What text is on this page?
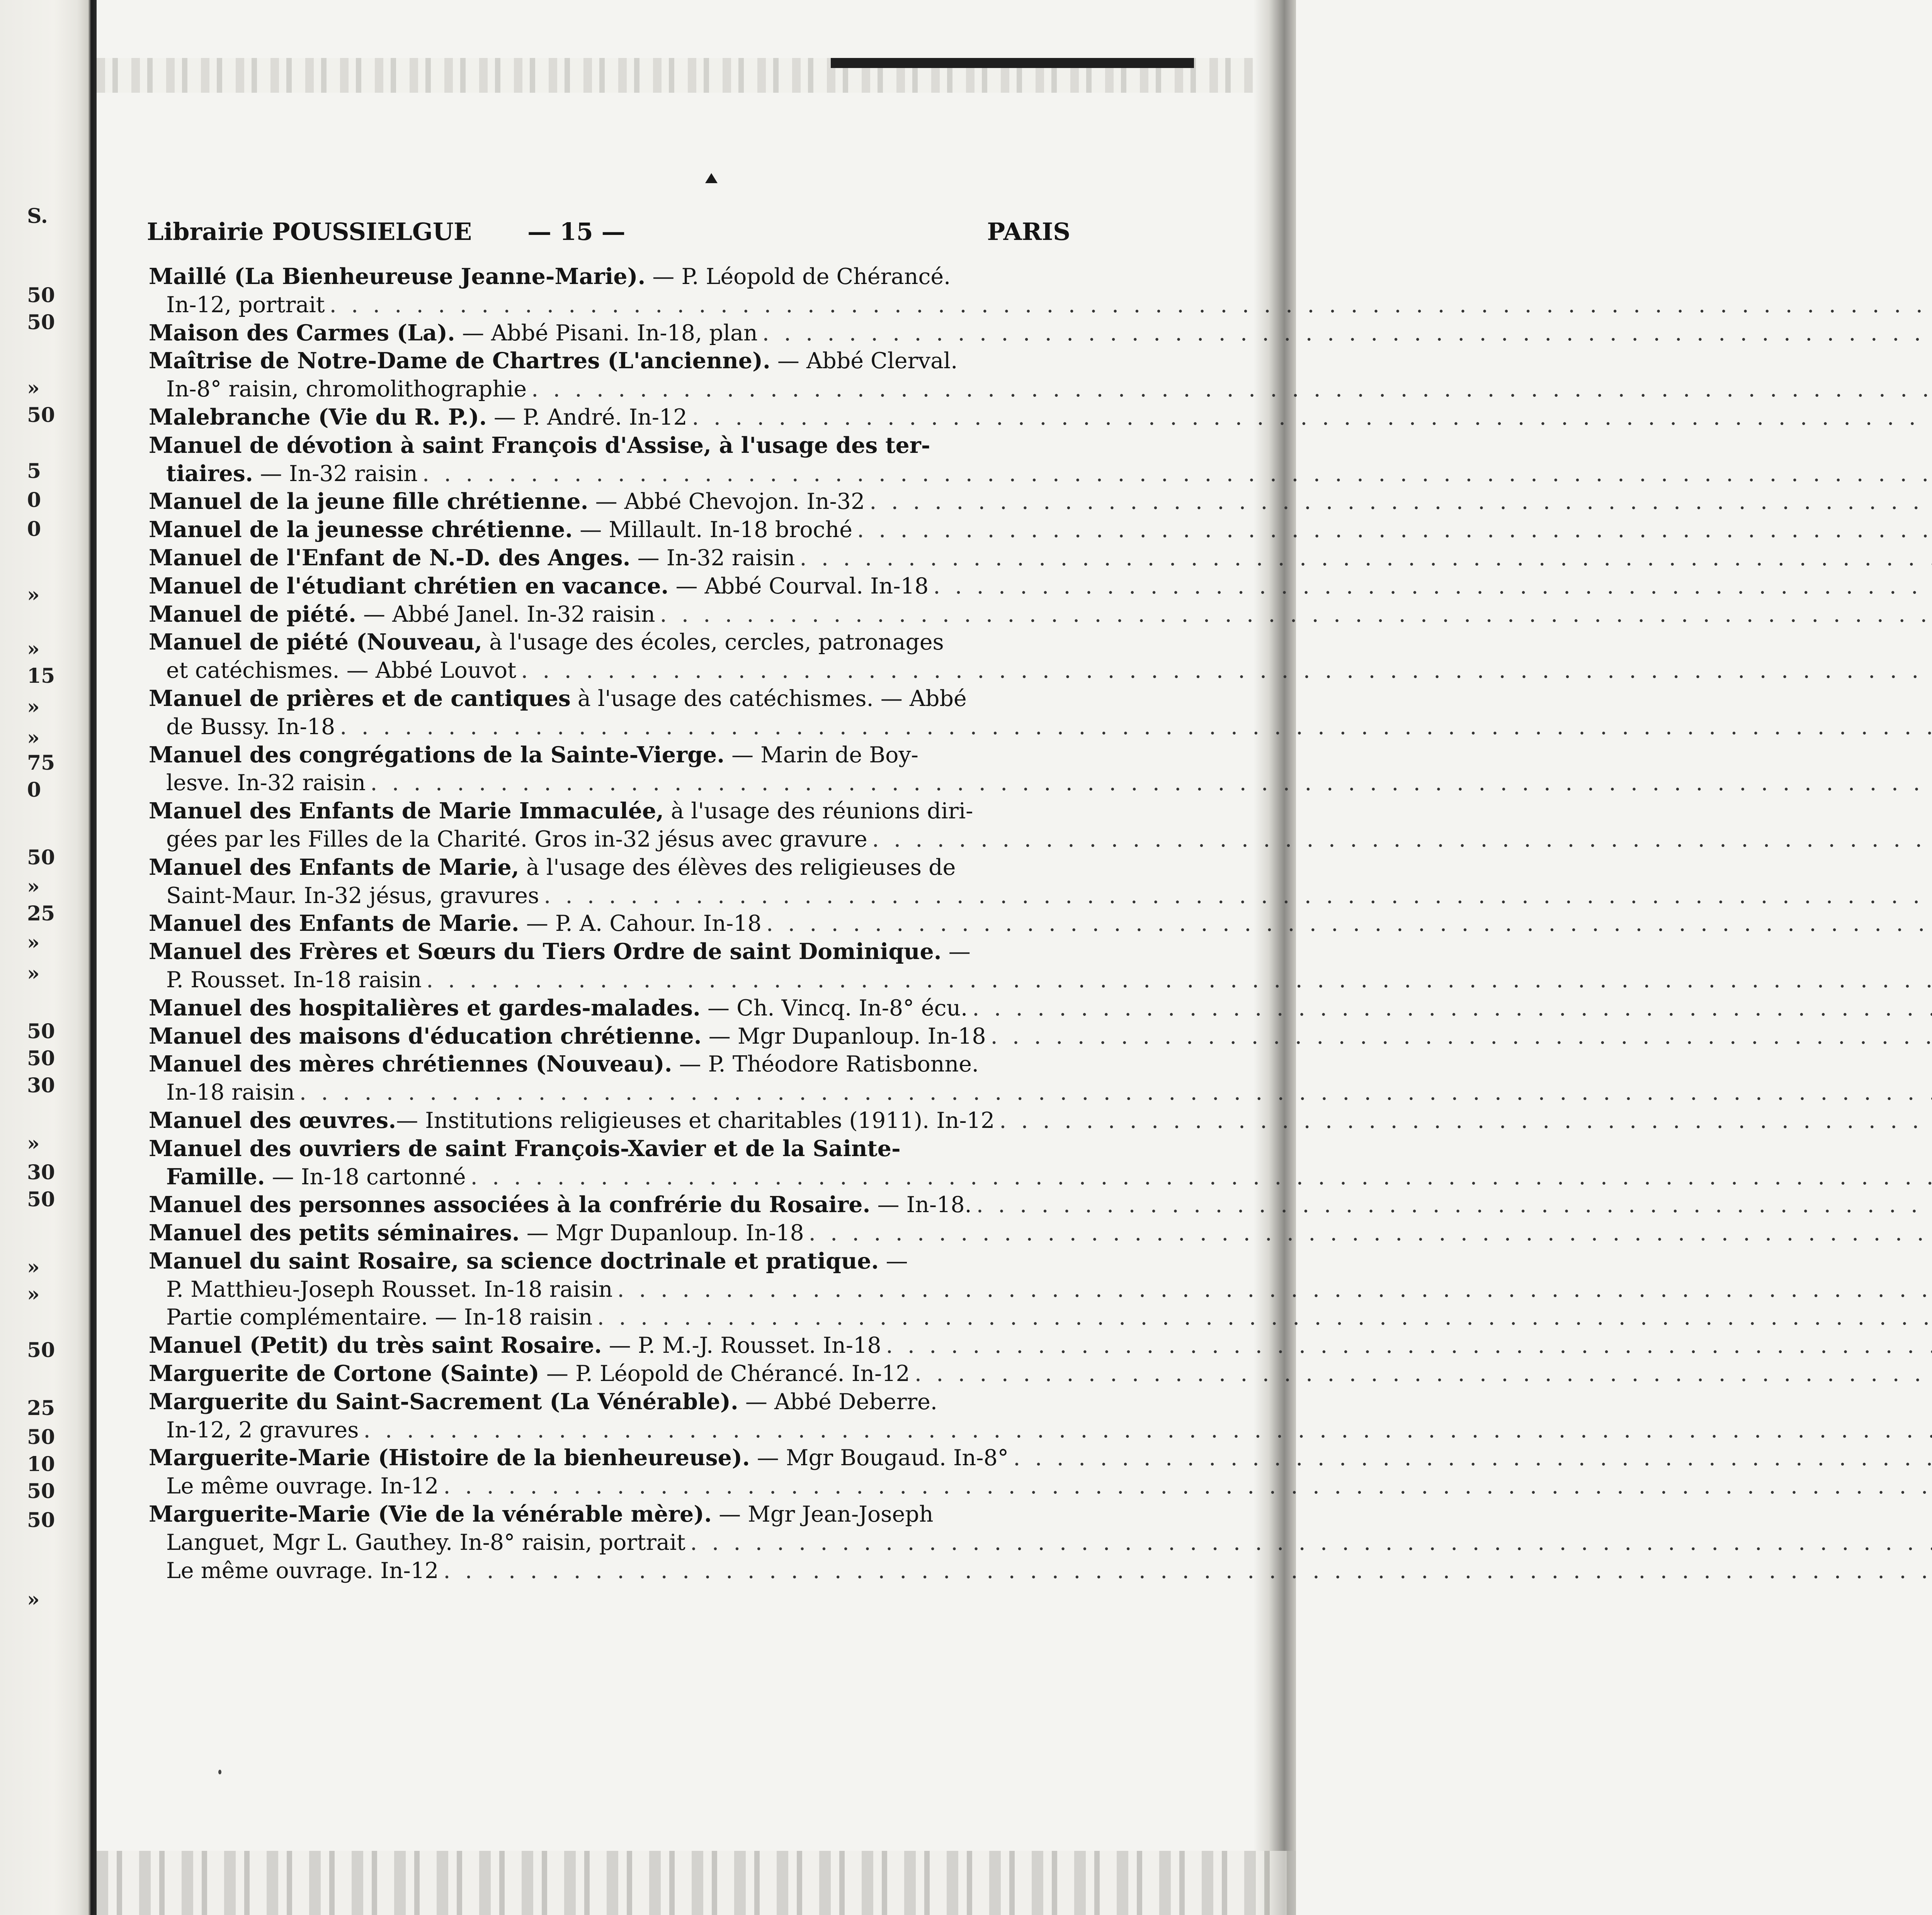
S.
50
50
»
50
5
0
0
»
»
15
»
»
75
0
50
»
25
»
»
50
50
30
»
30
50
»
»
50
25
50
10
50
50
»
Librairie POUSSIELGUE — 15 —	PARIS
Maillé (La Bienheureuse Jeanne-Marie). — P. Léopold de Chérancé.
In-12, portrait
. . .
Maison des Carmes (La). — Abbé Pisani. In-18, plan
. . .
Maîtrise de Notre-Dame de Chartres (L'ancienne). — Abbé Clerval.
In-8° raisin, chromolithographie
. . .
Malebranche (Vie du R. P.). — P. André. In-12
. . .
Manuel de dévotion à saint François d'Assise, à l'usage des ter-
tiaires. — In-32 raisin
. . .
Manuel de la jeune fille chrétienne. — Abbé Chevojon. In-32
. . .
Manuel de la jeunesse chrétienne. — Millault. In-18 broché
. . .
Manuel de l'Enfant de N.-D. des Anges. — In-32 raisin
. . .
Manuel de l'étudiant chrétien en vacance. — Abbé Courval. In-18
. . .
Manuel de piété. — Abbé Janel. In-32 raisin
. . .
Manuel de piété (Nouveau, à l'usage des écoles, cercles, patronages
et catéchismes. — Abbé Louvot
. . .
Manuel de prières et de cantiques à l'usage des catéchismes. — Abbé
de Bussy. In-18
. . .
Manuel des congrégations de la Sainte-Vierge. — Marin de Boy-
lesve. In-32 raisin
. . .
Manuel des Enfants de Marie Immaculée, à l'usage des réunions diri-
gées par les Filles de la Charité. Gros in-32 jésus avec gravure
. . .
Manuel des Enfants de Marie, à l'usage des élèves des religieuses de
Saint-Maur. In-32 jésus, gravures
. . .
Manuel des Enfants de Marie. — P. A. Cahour. In-18
. . .
Manuel des Frères et Sœurs du Tiers Ordre de saint Dominique. —
P. Rousset. In-18 raisin
. . .
Manuel des hospitalières et gardes-malades. — Ch. Vincq. In-8° écu.
. . .
Manuel des maisons d'éducation chrétienne. — Mgr Dupanloup. In-18
. . .
Manuel des mères chrétiennes (Nouveau). — P. Théodore Ratisbonne.
In-18 raisin
. . .
Manuel des œuvres.— Institutions religieuses et charitables (1911). In-12
. . .
Manuel des ouvriers de saint François-Xavier et de la Sainte-
Famille. — In-18 cartonné
. . .
Manuel des personnes associées à la confrérie du Rosaire. — In-18.
. . .
Manuel des petits séminaires. — Mgr Dupanloup. In-18
. . .
Manuel du saint Rosaire, sa science doctrinale et pratique. —
P. Matthieu-Joseph Rousset. In-18 raisin
. . .
Partie complémentaire. — In-18 raisin
. . .
Manuel (Petit) du très saint Rosaire. — P. M.-J. Rousset. In-18
. . .
Marguerite de Cortone (Sainte) — P. Léopold de Chérancé. In-12
. . .
Marguerite du Saint-Sacrement (La Vénérable). — Abbé Deberre.
In-12, 2 gravures
. . .
Marguerite-Marie (Histoire de la bienheureuse). — Mgr Bougaud. In-8°
. . .
Le même ouvrage. In-12
. . .
Marguerite-Marie (Vie de la vénérable mère). — Mgr Jean-Joseph
Languet, Mgr L. Gauthey. In-8° raisin, portrait
. . .
Le même ouvrage. In-12
. . .
